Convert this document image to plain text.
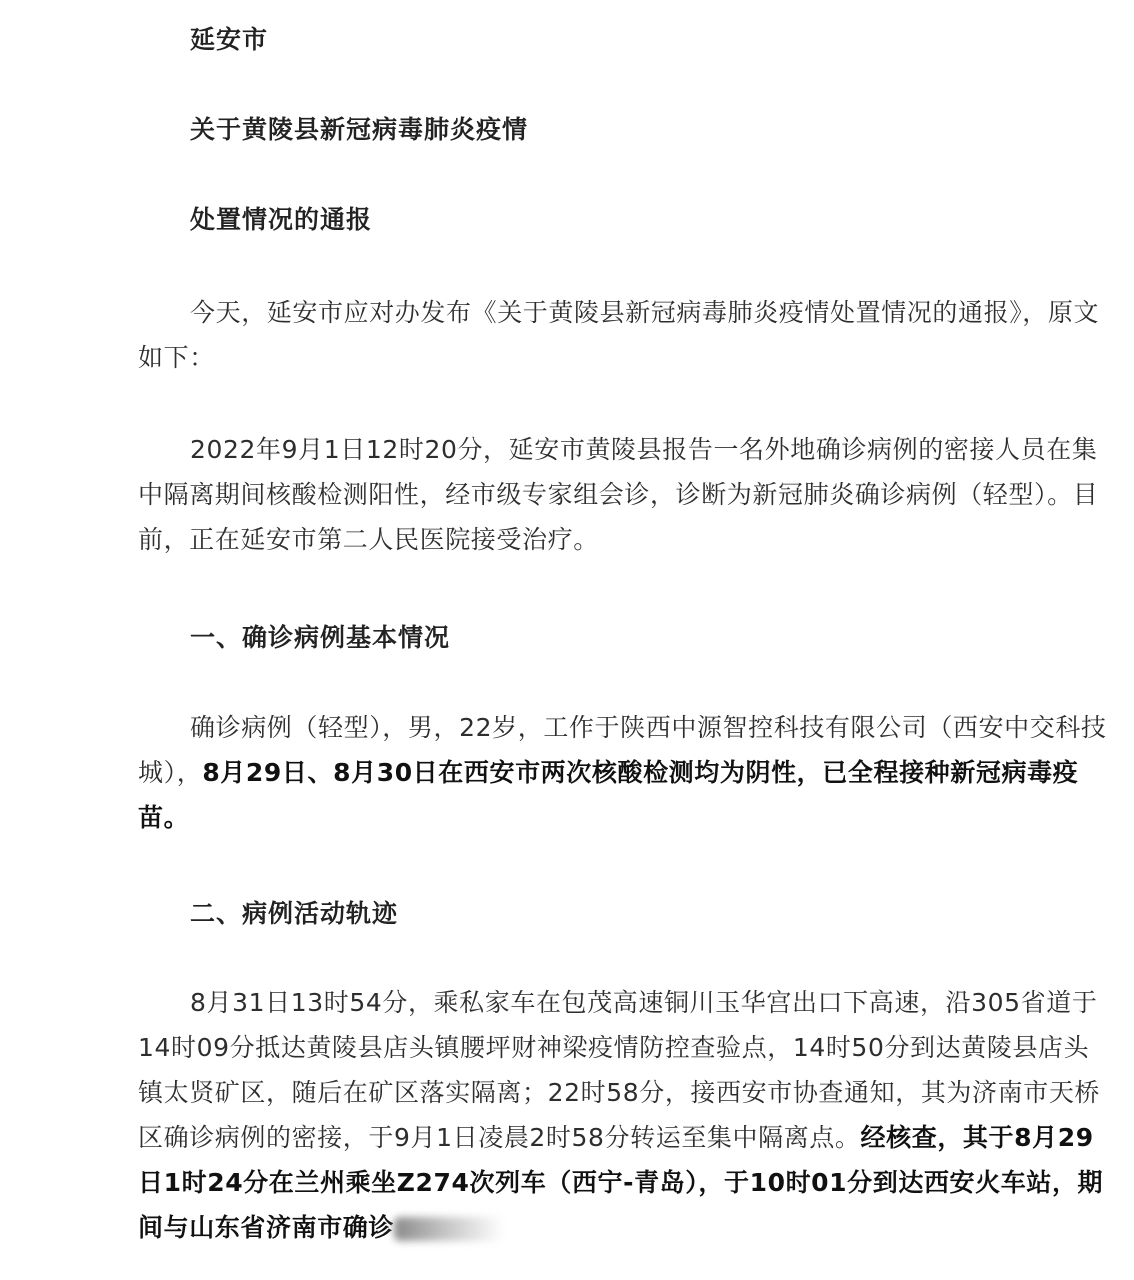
延安市
关于黄陵县新冠病毒肺炎疫情
处置情况的通报

今天，延安市应对办发布《关于黄陵县新冠病毒肺炎疫情处置情况的通报》，原文如下：

2022年9月1日12时20分，延安市黄陵县报告一名外地确诊病例的密接人员在集中隔离期间核酸检测阳性，经市级专家组会诊，诊断为新冠肺炎确诊病例（轻型）。目前，正在延安市第二人民医院接受治疗。

一、确诊病例基本情况

确诊病例（轻型），男，22岁，工作于陕西中源智控科技有限公司（西安中交科技城），8月29日、8月30日在西安市两次核酸检测均为阴性，已全程接种新冠病毒疫苗。

二、病例活动轨迹

8月31日13时54分，乘私家车在包茂高速铜川玉华宫出口下高速，沿305省道于14时09分抵达黄陵县店头镇腰坪财神梁疫情防控查验点，14时50分到达黄陵县店头镇太贤矿区，随后在矿区落实隔离；22时58分，接西安市协查通知，其为济南市天桥区确诊病例的密接，于9月1日凌晨2时58分转运至集中隔离点。经核查，其于8月29日1时24分在兰州乘坐Z274次列车（西宁-青岛），于10时01分到达西安火车站，期间与山东省济南市确诊
